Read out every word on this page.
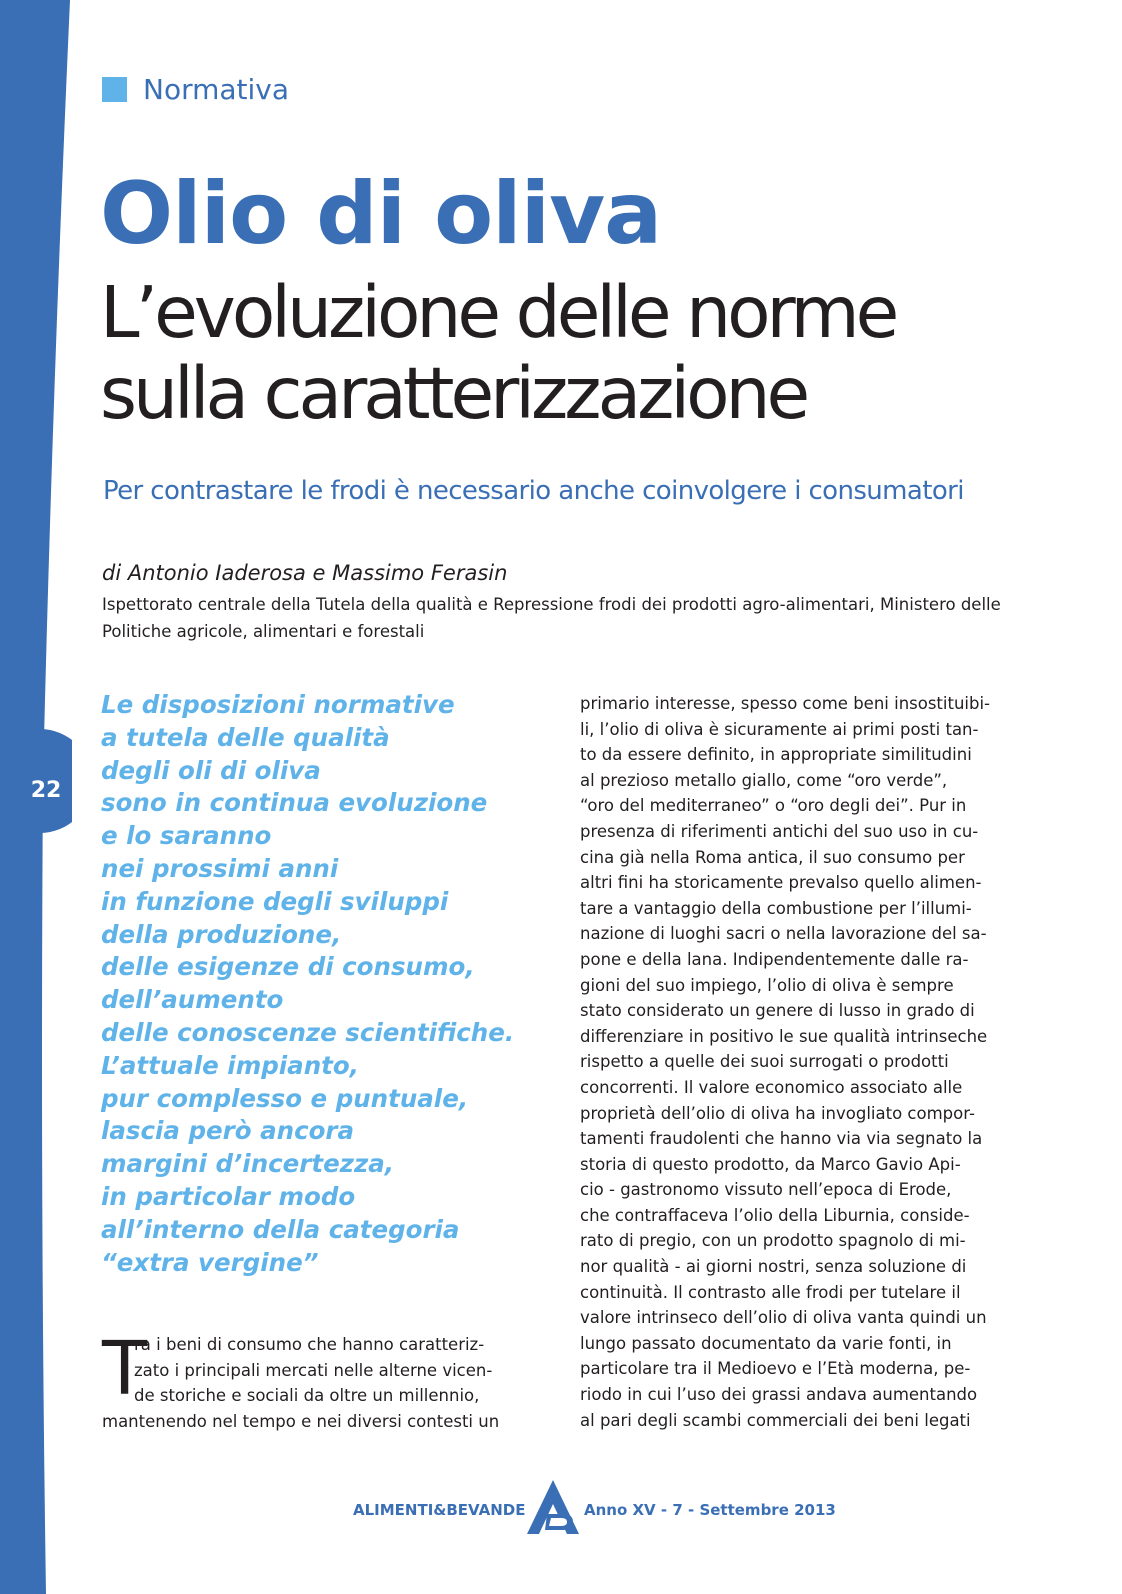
22
Normativa
Olio di oliva
L’evoluzione delle norme
sulla caratterizzazione

Per contrastare le frodi è necessario anche coinvolgere i consumatori

di Antonio Iaderosa e Massimo Ferasin
Ispettorato centrale della Tutela della qualità e Repressione frodi dei prodotti agro-alimentari, Ministero delle Politiche agricole, alimentari e forestali
Le disposizioni normative
a tutela delle qualità
degli oli di oliva
sono in continua evoluzione
e lo saranno
nei prossimi anni
in funzione degli sviluppi
della produzione,
delle esigenze di consumo,
dell’aumento
delle conoscenze scientifiche.
L’attuale impianto,
pur complesso e puntuale,
lascia però ancora
margini d’incertezza,
in particolar modo
all’interno della categoria
“extra vergine”
T
ra i beni di consumo che hanno caratteriz-
zato i principali mercati nelle alterne vicen-
de storiche e sociali da oltre un millennio,
mantenendo nel tempo e nei diversi contesti un
primario interesse, spesso come beni insostituibi-
li, l’olio di oliva è sicuramente ai primi posti tan-
to da essere definito, in appropriate similitudini
al prezioso metallo giallo, come “oro verde”,
“oro del mediterraneo” o “oro degli dei”. Pur in
presenza di riferimenti antichi del suo uso in cu-
cina già nella Roma antica, il suo consumo per
altri fini ha storicamente prevalso quello alimen-
tare a vantaggio della combustione per l’illumi-
nazione di luoghi sacri o nella lavorazione del sa-
pone e della lana. Indipendentemente dalle ra-
gioni del suo impiego, l’olio di oliva è sempre
stato considerato un genere di lusso in grado di
differenziare in positivo le sue qualità intrinseche
rispetto a quelle dei suoi surrogati o prodotti
concorrenti. Il valore economico associato alle
proprietà dell’olio di oliva ha invogliato compor-
tamenti fraudolenti che hanno via via segnato la
storia di questo prodotto, da Marco Gavio Api-
cio - gastronomo vissuto nell’epoca di Erode,
che contraffaceva l’olio della Liburnia, conside-
rato di pregio, con un prodotto spagnolo di mi-
nor qualità - ai giorni nostri, senza soluzione di
continuità. Il contrasto alle frodi per tutelare il
valore intrinseco dell’olio di oliva vanta quindi un
lungo passato documentato da varie fonti, in
particolare tra il Medioevo e l’Età moderna, pe-
riodo in cui l’uso dei grassi andava aumentando
al pari degli scambi commerciali dei beni legati
ALIMENTI&BEVANDE	Anno XV - 7 - Settembre 2013
